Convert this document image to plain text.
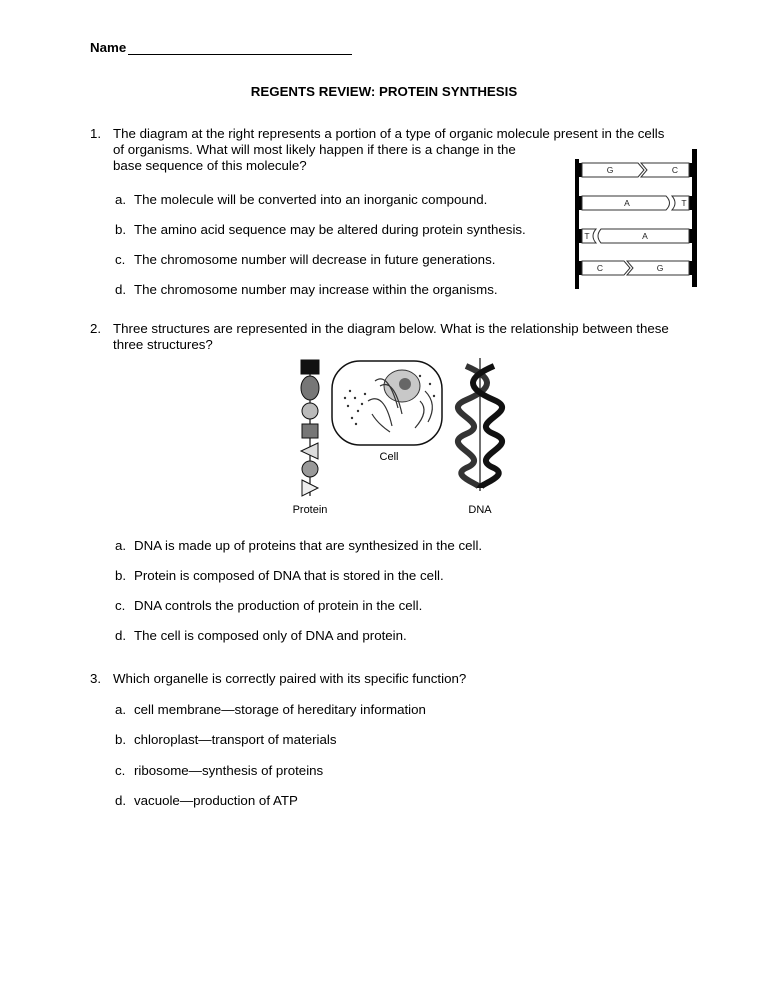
Name
REGENTS REVIEW: PROTEIN SYNTHESIS
1. The diagram at the right represents a portion of a type of organic molecule present in the cells
of organisms. What will most likely happen if there is a change in the
base sequence of this molecule?
a. The molecule will be converted into an inorganic compound.
b. The amino acid sequence may be altered during protein synthesis.
c. The chromosome number will decrease in future generations.
d. The chromosome number may increase within the organisms.
G	C
A	T
T	A
C	G
2. Three structures are represented in the diagram below. What is the relationship between these
three structures?
Protein
Cell
DNA
a. DNA is made up of proteins that are synthesized in the cell.
b. Protein is composed of DNA that is stored in the cell.
c. DNA controls the production of protein in the cell.
d. The cell is composed only of DNA and protein.
3. Which organelle is correctly paired with its specific function?
a. cell membrane—storage of hereditary information
b. chloroplast—transport of materials
c. ribosome—synthesis of proteins
d. vacuole—production of ATP
